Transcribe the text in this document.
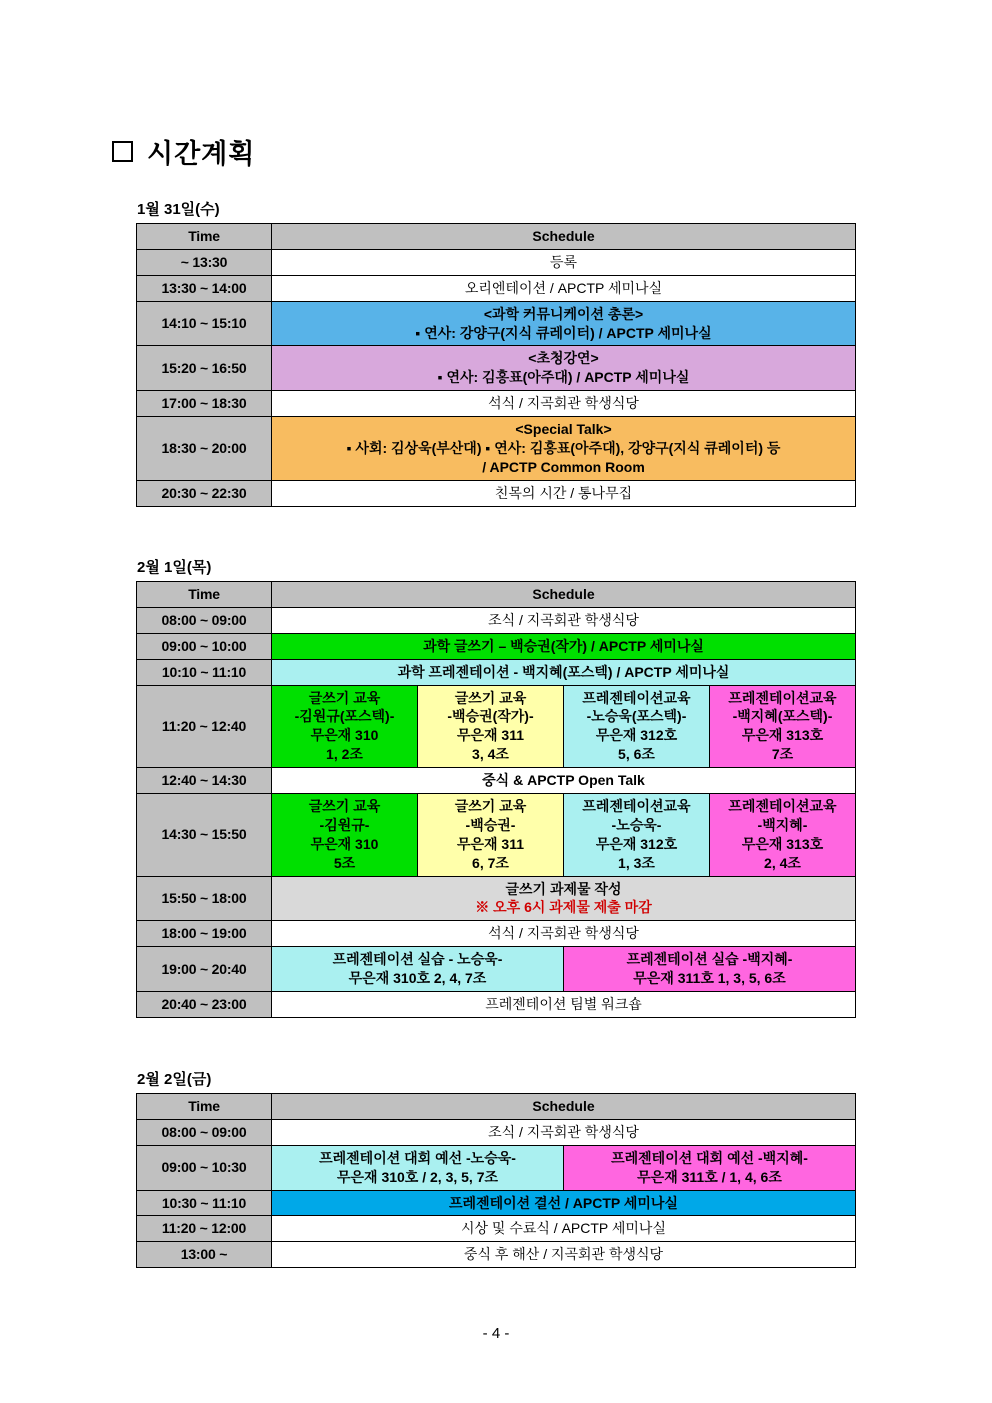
시간계획
1월 31일(수)
Time	Schedule
~ 13:30	등록

13:30 ~ 14:00	오리엔테이션 / APCTP 세미나실

14:10 ~ 15:10	<과학 커뮤니케이션 총론>
▪ 연사: 강양구(지식 큐레이터) / APCTP 세미나실

15:20 ~ 16:50	<초청강연>
▪ 연사: 김홍표(아주대) / APCTP 세미나실

17:00 ~ 18:30	석식 / 지곡회관 학생식당

18:30 ~ 20:00	<Special Talk>
▪ 사회: 김상욱(부산대) ▪ 연사: 김홍표(아주대), 강양구(지식 큐레이터) 등
/ APCTP Common Room

20:30 ~ 22:30	친목의 시간 / 통나무집
2월 1일(목)
Time	Schedule			
08:00 ~ 09:00	조식 / 지곡회관 학생식당			

09:00 ~ 10:00	과학 글쓰기 – 백승권(작가) / APCTP 세미나실			

10:10 ~ 11:10	과학 프레젠테이션 - 백지혜(포스텍) / APCTP 세미나실			

11:20 ~ 12:40	글쓰기 교육
-김원규(포스텍)-
무은재 310
1, 2조	글쓰기 교육
-백승권(작가)-
무은재 311
3, 4조	프레젠테이션교육
-노승욱(포스텍)-
무은재 312호
5, 6조	프레젠테이션교육
-백지혜(포스텍)-
무은재 313호
7조

12:40 ~ 14:30	중식 & APCTP Open Talk			

14:30 ~ 15:50	글쓰기 교육
-김원규-
무은재 310
5조	글쓰기 교육
-백승권-
무은재 311
6, 7조	프레젠테이션교육
-노승욱-
무은재 312호
1, 3조	프레젠테이션교육
-백지혜-
무은재 313호
2, 4조

15:50 ~ 18:00	글쓰기 과제물 작성
※ 오후 6시 과제물 제출 마감			

18:00 ~ 19:00	석식 / 지곡회관 학생식당			

19:00 ~ 20:40	프레젠테이션 실습 - 노승욱-
무은재 310호 2, 4, 7조		프레젠테이션 실습 -백지혜-
무은재 311호 1, 3, 5, 6조	

20:40 ~ 23:00	프레젠테이션 팀별 워크숍			
2월 2일(금)
Time	Schedule	
08:00 ~ 09:00	조식 / 지곡회관 학생식당	

09:00 ~ 10:30	프레젠테이션 대회 예선 -노승욱-
무은재 310호 / 2, 3, 5, 7조	프레젠테이션 대회 예선 -백지혜-
무은재 311호 / 1, 4, 6조

10:30 ~ 11:10	프레젠테이션 결선 / APCTP 세미나실	

11:20 ~ 12:00	시상 및 수료식 / APCTP 세미나실	

13:00 ~	중식 후 해산 / 지곡회관 학생식당	
- 4 -
